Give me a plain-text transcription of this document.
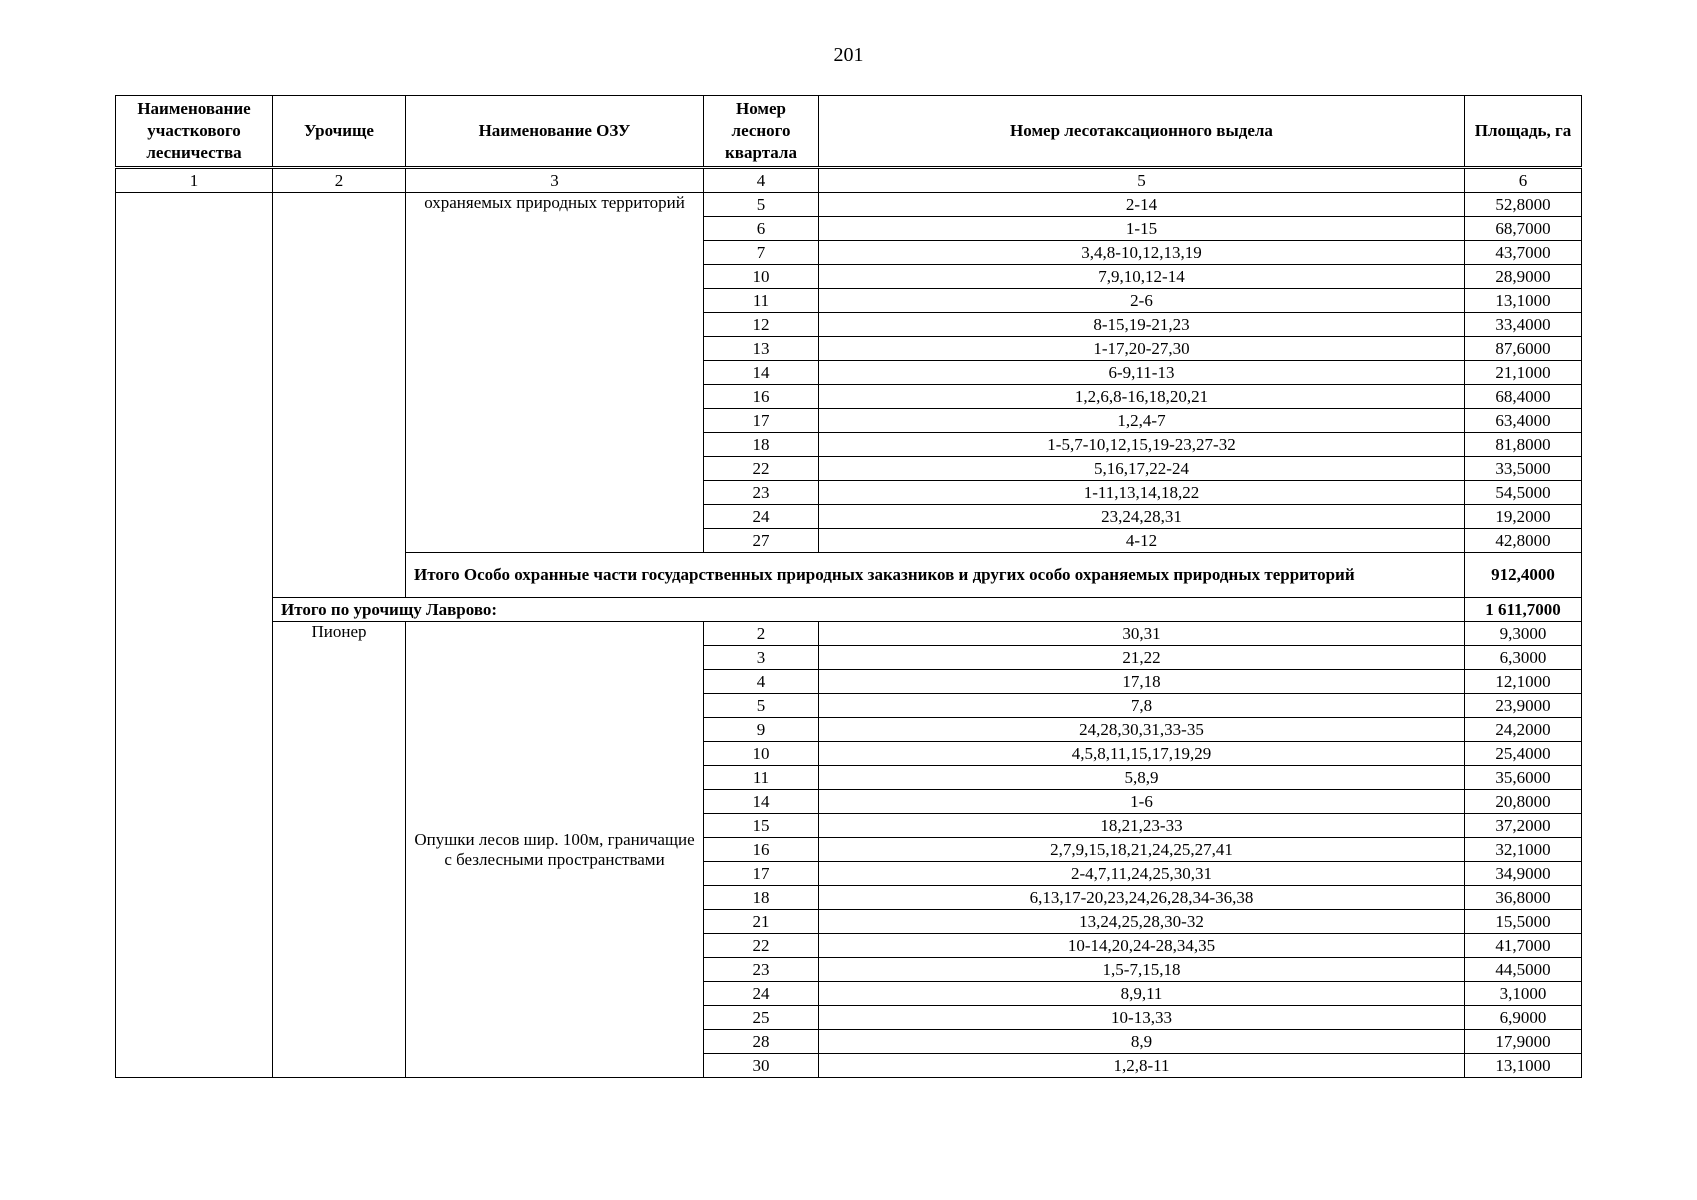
201
Наименование участкового лесничества	Урочище	Наименование ОЗУ	Номер лесного квартала	Номер лесотаксационного выдела	Площадь, га
1	2	3	4	5	6
		охраняемых природных территорий	5	2-14	52,8000
			6	1-15	68,7000
			7	3,4,8-10,12,13,19	43,7000
			10	7,9,10,12-14	28,9000
			11	2-6	13,1000
			12	8-15,19-21,23	33,4000
			13	1-17,20-27,30	87,6000
			14	6-9,11-13	21,1000
			16	1,2,6,8-16,18,20,21	68,4000
			17	1,2,4-7	63,4000
			18	1-5,7-10,12,15,19-23,27-32	81,8000
			22	5,16,17,22-24	33,5000
			23	1-11,13,14,18,22	54,5000
			24	23,24,28,31	19,2000
			27	4-12	42,8000
		Итого Особо охранные части государственных природных заказников и других особо охраняемых природных территорий			912,4000
	Итого по урочищу Лаврово:				1 611,7000
	Пионер	Опушки лесов шир. 100м, граничащие с безлесными пространствами	2	30,31	9,3000
			3	21,22	6,3000
			4	17,18	12,1000
			5	7,8	23,9000
			9	24,28,30,31,33-35	24,2000
			10	4,5,8,11,15,17,19,29	25,4000
			11	5,8,9	35,6000
			14	1-6	20,8000
			15	18,21,23-33	37,2000
			16	2,7,9,15,18,21,24,25,27,41	32,1000
			17	2-4,7,11,24,25,30,31	34,9000
			18	6,13,17-20,23,24,26,28,34-36,38	36,8000
			21	13,24,25,28,30-32	15,5000
			22	10-14,20,24-28,34,35	41,7000
			23	1,5-7,15,18	44,5000
			24	8,9,11	3,1000
			25	10-13,33	6,9000
			28	8,9	17,9000
			30	1,2,8-11	13,1000
